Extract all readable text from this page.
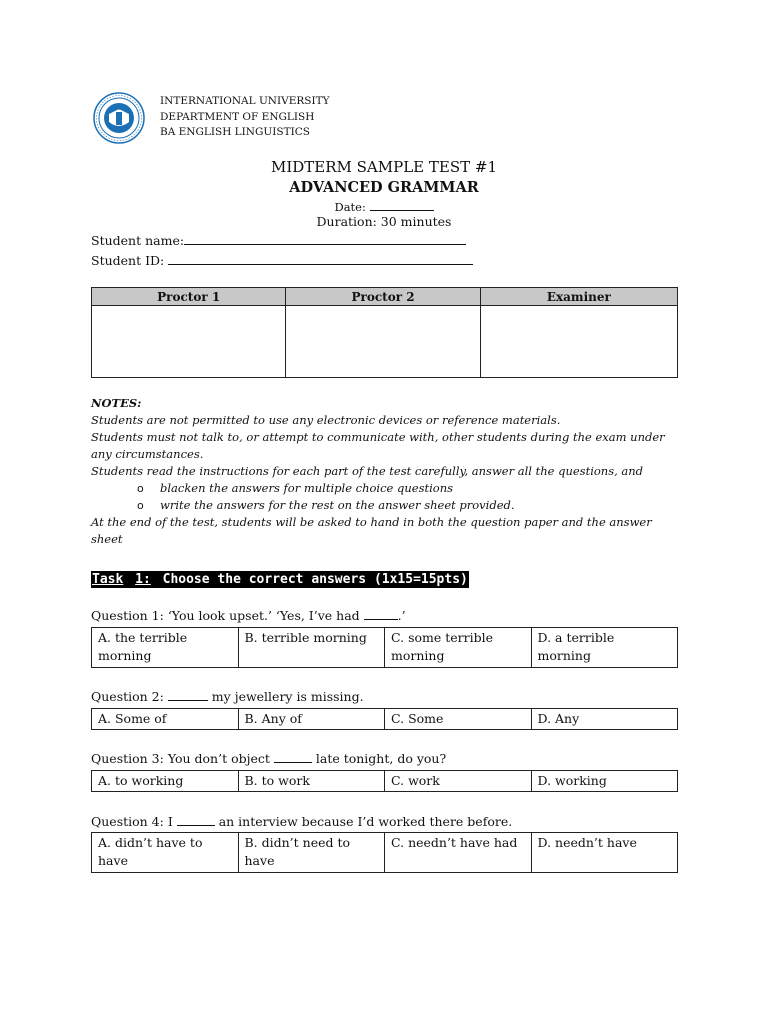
INTERNATIONAL UNIVERSITY
DEPARTMENT OF ENGLISH
BA ENGLISH LINGUISTICS
MIDTERM SAMPLE TEST #1
ADVANCED GRAMMAR
Date:
Duration: 30 minutes
Student name:
Student ID:
Proctor 1	Proctor 2	Examiner

NOTES:
Students are not permitted to use any electronic devices or reference materials.
Students must not talk to, or attempt to communicate with, other students during the exam under any circumstances.
Students read the instructions for each part of the test carefully, answer all the questions, and
o blacken the answers for multiple choice questions
o write the answers for the rest on the answer sheet provided.
At the end of the test, students will be asked to hand in both the question paper and the answer sheet
Task 1: Choose the correct answers (1x15=15pts)
Question 1: ‘You look upset.’ ‘Yes, I’ve had	.’
A. the terrible morning	B. terrible morning	C. some terrible morning	D. a terrible morning
Question 2:	my jewellery is missing.
A. Some of	B. Any of	C. Some	D. Any
Question 3: You don’t object	late tonight, do you?
A. to working	B. to work	C. work	D. working
Question 4: I	an interview because I’d worked there before.
A. didn’t have to have	B. didn’t need to have	C. needn’t have had	D. needn’t have
